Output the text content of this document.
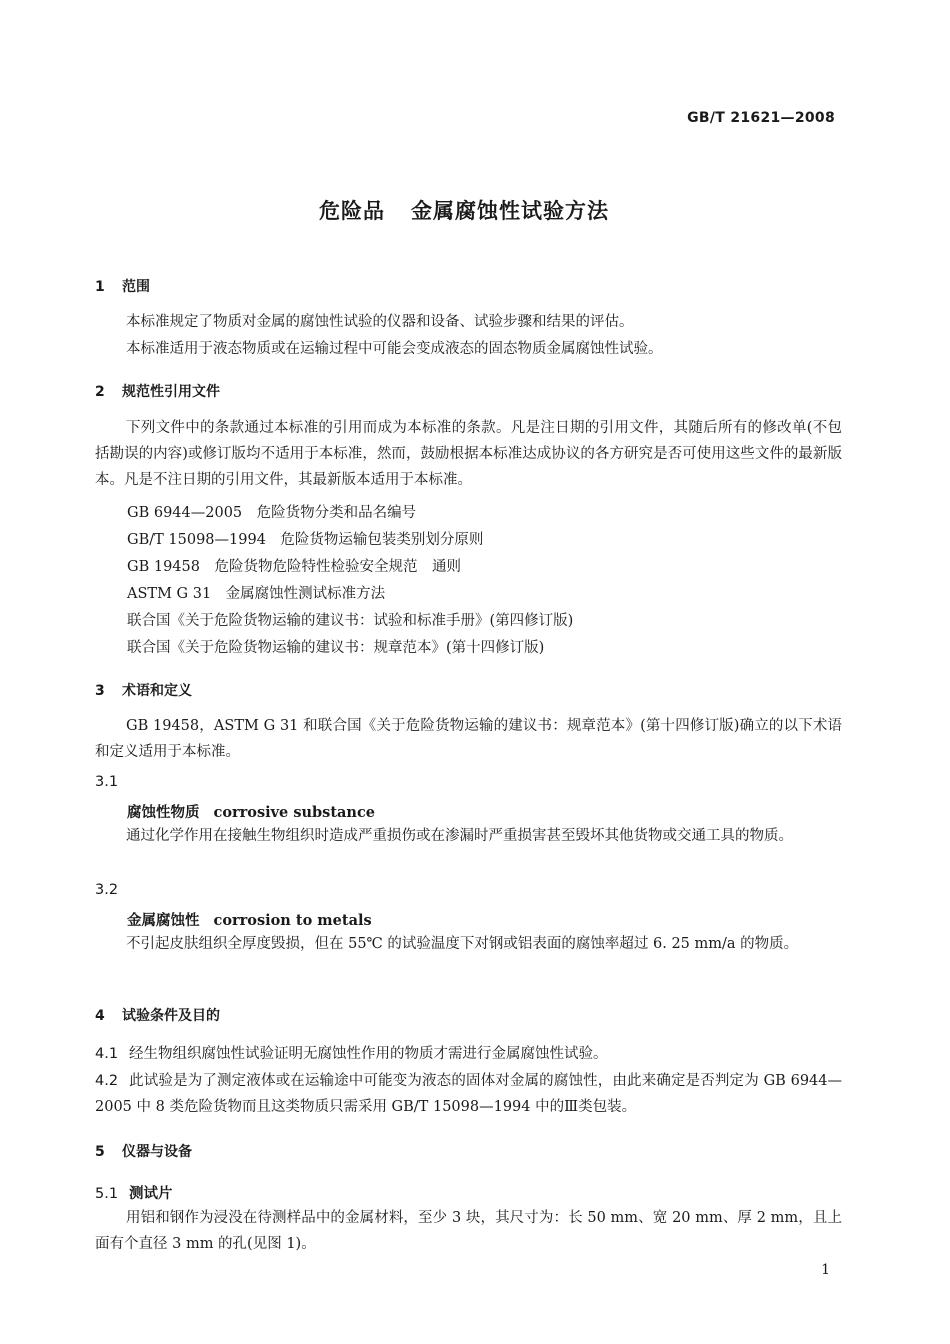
GB/T 21621—2008
危险品 金属腐蚀性试验方法
1 范围
本标准规定了物质对金属的腐蚀性试验的仪器和设备、试验步骤和结果的评估。
本标准适用于液态物质或在运输过程中可能会变成液态的固态物质金属腐蚀性试验。
2 规范性引用文件
下列文件中的条款通过本标准的引用而成为本标准的条款。凡是注日期的引用文件，其随后所有的修改单(不包括勘误的内容)或修订版均不适用于本标准，然而，鼓励根据本标准达成协议的各方研究是否可使用这些文件的最新版本。凡是不注日期的引用文件，其最新版本适用于本标准。
GB 6944—2005　危险货物分类和品名编号
GB/T 15098—1994　危险货物运输包装类别划分原则
GB 19458　危险货物危险特性检验安全规范　通则
ASTM G 31　金属腐蚀性测试标准方法
联合国《关于危险货物运输的建议书：试验和标准手册》(第四修订版)
联合国《关于危险货物运输的建议书：规章范本》(第十四修订版)
3 术语和定义
GB 19458，ASTM G 31 和联合国《关于危险货物运输的建议书：规章范本》(第十四修订版)确立的以下术语和定义适用于本标准。
3.1
腐蚀性物质 corrosive substance
通过化学作用在接触生物组织时造成严重损伤或在渗漏时严重损害甚至毁坏其他货物或交通工具的物质。
3.2
金属腐蚀性 corrosion to metals
不引起皮肤组织全厚度毁损，但在 55℃ 的试验温度下对钢或铝表面的腐蚀率超过 6. 25 mm/a 的物质。
4 试验条件及目的
4.1 经生物组织腐蚀性试验证明无腐蚀性作用的物质才需进行金属腐蚀性试验。
4.2 此试验是为了测定液体或在运输途中可能变为液态的固体对金属的腐蚀性，由此来确定是否判定为 GB 6944—2005 中 8 类危险货物而且这类物质只需采用 GB/T 15098—1994 中的Ⅲ类包装。
5 仪器与设备
5.1 测试片
用铝和钢作为浸没在待测样品中的金属材料，至少 3 块，其尺寸为：长 50 mm、宽 20 mm、厚 2 mm，且上面有个直径 3 mm 的孔(见图 1)。
1
